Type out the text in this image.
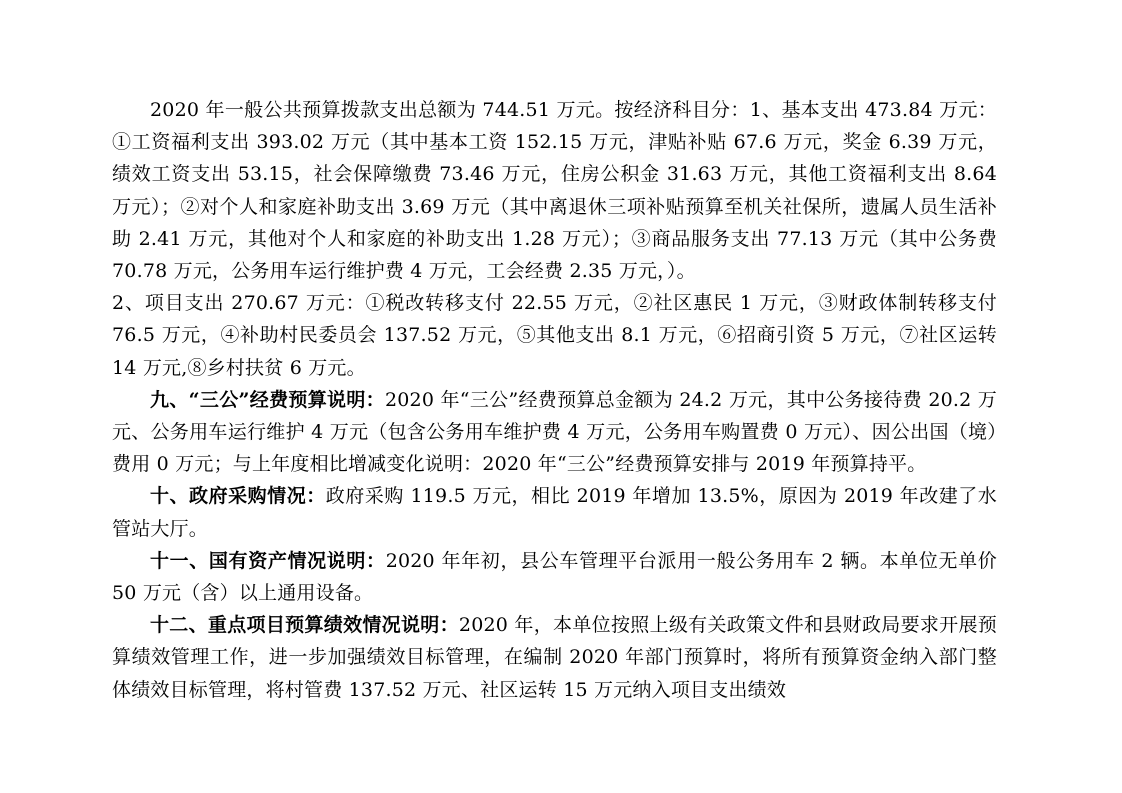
2020 年一般公共预算拨款支出总额为 744.51 万元。按经济科目分：1、基本支出 473.84 万元：①工资福利支出 393.02 万元（其中基本工资 152.15 万元，津贴补贴 67.6 万元，奖金 6.39 万元，绩效工资支出 53.15，社会保障缴费 73.46 万元，住房公积金 31.63 万元，其他工资福利支出 8.64 万元）；②对个人和家庭补助支出 3.69 万元（其中离退休三项补贴预算至机关社保所，遗属人员生活补助 2.41 万元，其他对个人和家庭的补助支出 1.28 万元）；③商品服务支出 77.13 万元（其中公务费 70.78 万元，公务用车运行维护费 4 万元，工会经费 2.35 万元，）。

2、项目支出 270.67 万元：①税改转移支付 22.55 万元，②社区惠民 1 万元，③财政体制转移支付 76.5 万元，④补助村民委员会 137.52 万元，⑤其他支出 8.1 万元，⑥招商引资 5 万元，⑦社区运转 14 万元,⑧乡村扶贫 6 万元。

九、“三公”经费预算说明：2020 年“三公”经费预算总金额为 24.2 万元，其中公务接待费 20.2 万元、公务用车运行维护 4 万元（包含公务用车维护费 4 万元，公务用车购置费 0 万元）、因公出国（境）费用 0 万元；与上年度相比增减变化说明：2020 年“三公”经费预算安排与 2019 年预算持平。

十、政府采购情况：政府采购 119.5 万元，相比 2019 年增加 13.5%，原因为 2019 年改建了水管站大厅。

十一、国有资产情况说明：2020 年年初，县公车管理平台派用一般公务用车 2 辆。本单位无单价 50 万元（含）以上通用设备。

十二、重点项目预算绩效情况说明：2020 年，本单位按照上级有关政策文件和县财政局要求开展预算绩效管理工作，进一步加强绩效目标管理，在编制 2020 年部门预算时，将所有预算资金纳入部门整体绩效目标管理，将村管费 137.52 万元、社区运转 15 万元纳入项目支出绩效
